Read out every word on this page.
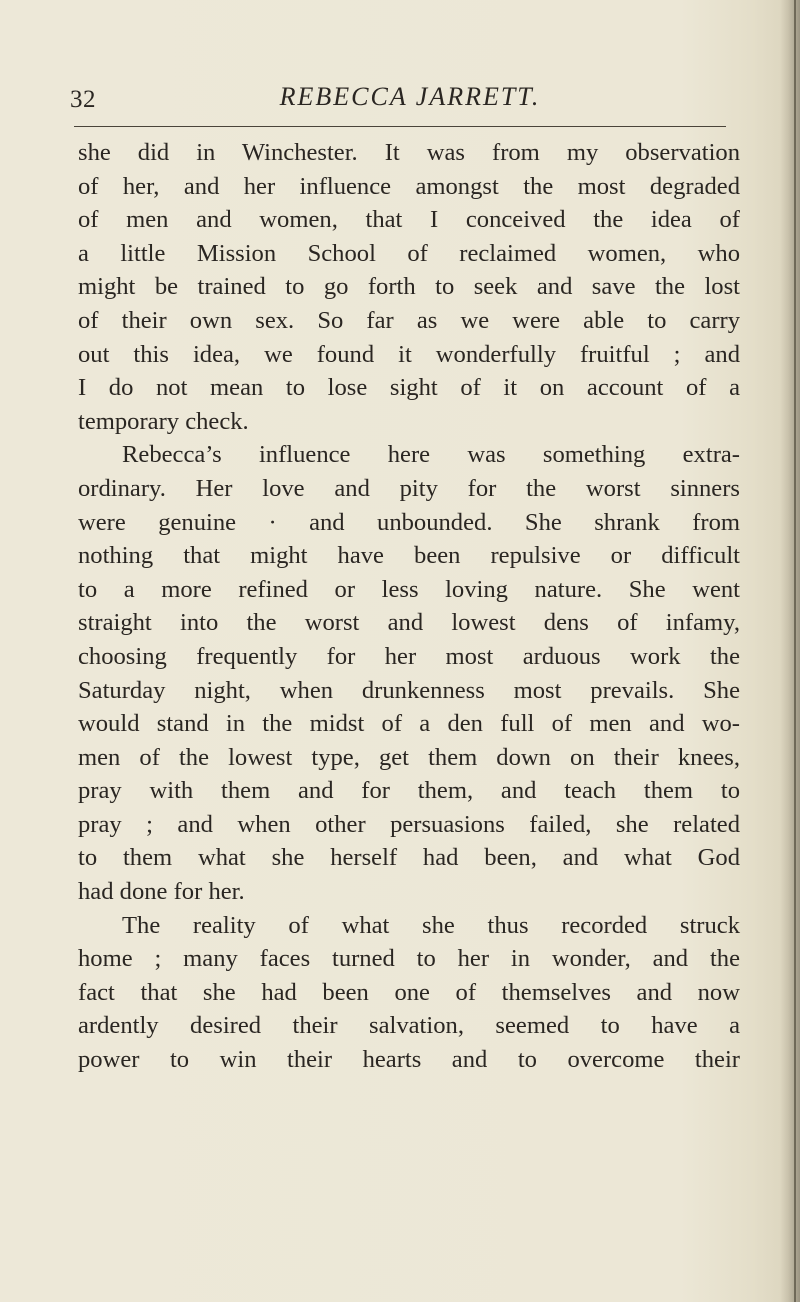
32	REBECCA JARRETT.
she did in Winchester. It was from my observation
of her, and her influence amongst the most degraded
of men and women, that I conceived the idea of
a little Mission School of reclaimed women, who
might be trained to go forth to seek and save the lost
of their own sex. So far as we were able to carry
out this idea, we found it wonderfully fruitful ; and
I do not mean to lose sight of it on account of a
temporary check.
Rebecca’s influence here was something extra-
ordinary. Her love and pity for the worst sinners
were genuine · and unbounded. She shrank from
nothing that might have been repulsive or difficult
to a more refined or less loving nature. She went
straight into the worst and lowest dens of infamy,
choosing frequently for her most arduous work the
Saturday night, when drunkenness most prevails. She
would stand in the midst of a den full of men and wo-
men of the lowest type, get them down on their knees,
pray with them and for them, and teach them to
pray ; and when other persuasions failed, she related
to them what she herself had been, and what God
had done for her.
The reality of what she thus recorded struck
home ; many faces turned to her in wonder, and the
fact that she had been one of themselves and now
ardently desired their salvation, seemed to have a
power to win their hearts and to overcome their
